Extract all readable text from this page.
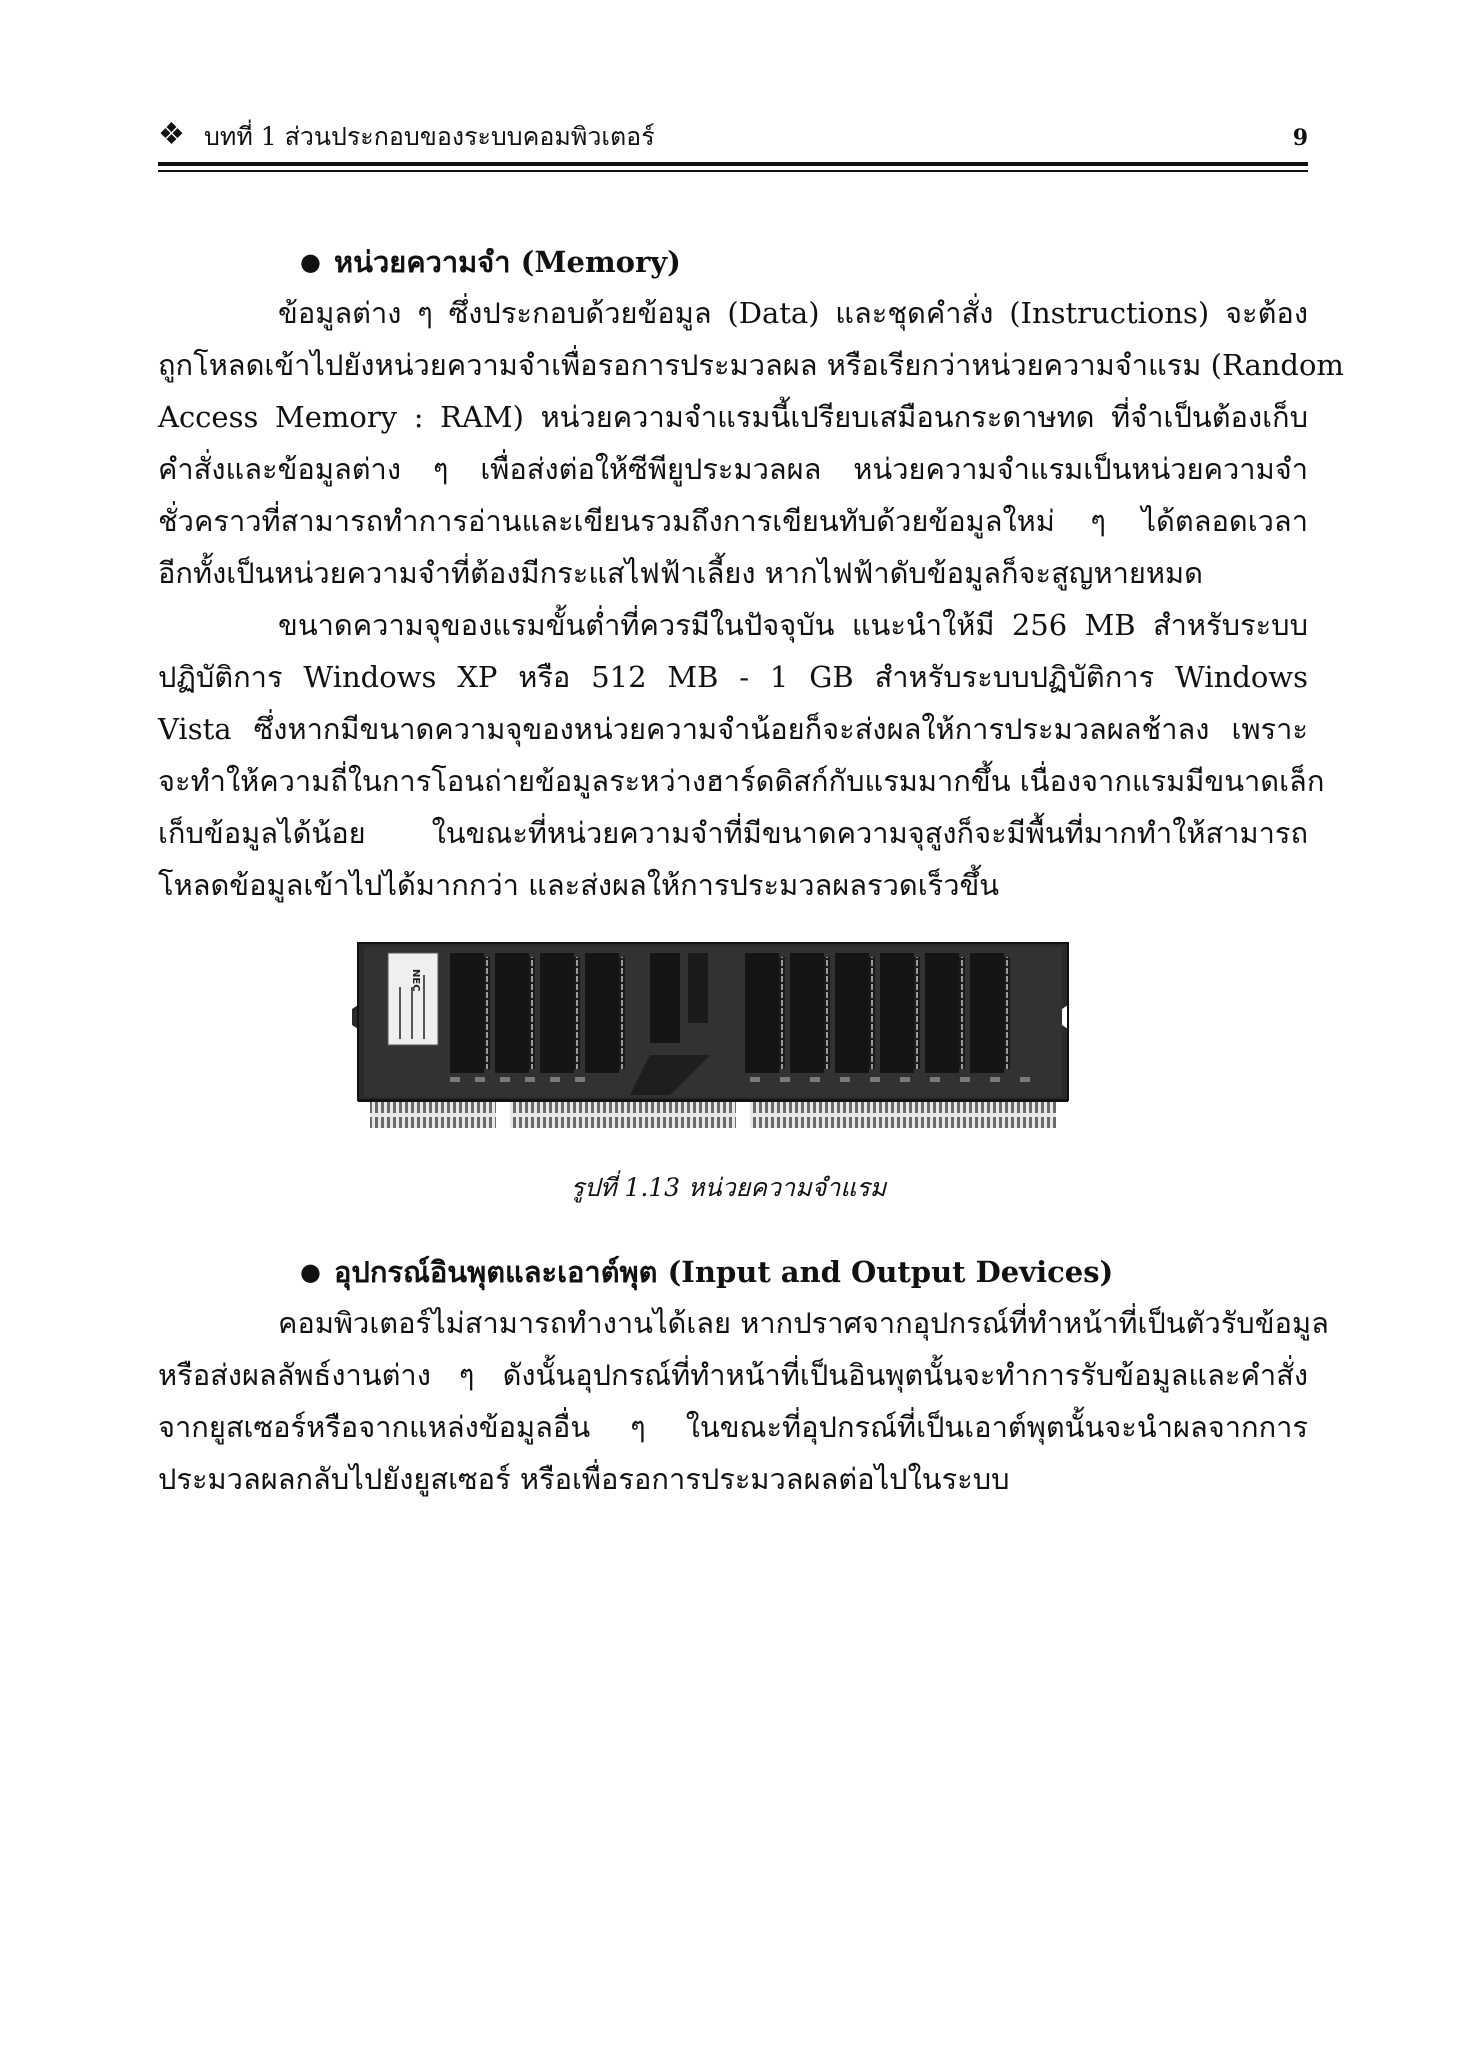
❖ บทที่ 1 ส่วนประกอบของระบบคอมพิวเตอร์	9
● หน่วยความจำ (Memory)
ข้อมูลต่าง ๆ ซึ่งประกอบด้วยข้อมูล (Data) และชุดคำสั่ง (Instructions) จะต้อง
ถูกโหลดเข้าไปยังหน่วยความจำเพื่อรอการประมวลผล หรือเรียกว่าหน่วยความจำแรม (Random
Access Memory : RAM) หน่วยความจำแรมนี้เปรียบเสมือนกระดาษทด ที่จำเป็นต้องเก็บ
คำสั่งและข้อมูลต่าง ๆ เพื่อส่งต่อให้ซีพียูประมวลผล หน่วยความจำแรมเป็นหน่วยความจำ
ชั่วคราวที่สามารถทำการอ่านและเขียนรวมถึงการเขียนทับด้วยข้อมูลใหม่ ๆ ได้ตลอดเวลา
อีกทั้งเป็นหน่วยความจำที่ต้องมีกระแสไฟฟ้าเลี้ยง หากไฟฟ้าดับข้อมูลก็จะสูญหายหมด
ขนาดความจุของแรมขั้นต่ำที่ควรมีในปัจจุบัน แนะนำให้มี 256 MB สำหรับระบบ
ปฏิบัติการ Windows XP หรือ 512 MB - 1 GB สำหรับระบบปฏิบัติการ Windows
Vista ซึ่งหากมีขนาดความจุของหน่วยความจำน้อยก็จะส่งผลให้การประมวลผลช้าลง เพราะ
จะทำให้ความถี่ในการโอนถ่ายข้อมูลระหว่างฮาร์ดดิสก์กับแรมมากขึ้น เนื่องจากแรมมีขนาดเล็ก
เก็บข้อมูลได้น้อย ในขณะที่หน่วยความจำที่มีขนาดความจุสูงก็จะมีพื้นที่มากทำให้สามารถ
โหลดข้อมูลเข้าไปได้มากกว่า และส่งผลให้การประมวลผลรวดเร็วขึ้น
NEC
รูปที่ 1.13 หน่วยความจำแรม
● อุปกรณ์อินพุตและเอาต์พุต (Input and Output Devices)
คอมพิวเตอร์ไม่สามารถทำงานได้เลย หากปราศจากอุปกรณ์ที่ทำหน้าที่เป็นตัวรับข้อมูล
หรือส่งผลลัพธ์งานต่าง ๆ ดังนั้นอุปกรณ์ที่ทำหน้าที่เป็นอินพุตนั้นจะทำการรับข้อมูลและคำสั่ง
จากยูสเซอร์หรือจากแหล่งข้อมูลอื่น ๆ ในขณะที่อุปกรณ์ที่เป็นเอาต์พุตนั้นจะนำผลจากการ
ประมวลผลกลับไปยังยูสเซอร์ หรือเพื่อรอการประมวลผลต่อไปในระบบ
